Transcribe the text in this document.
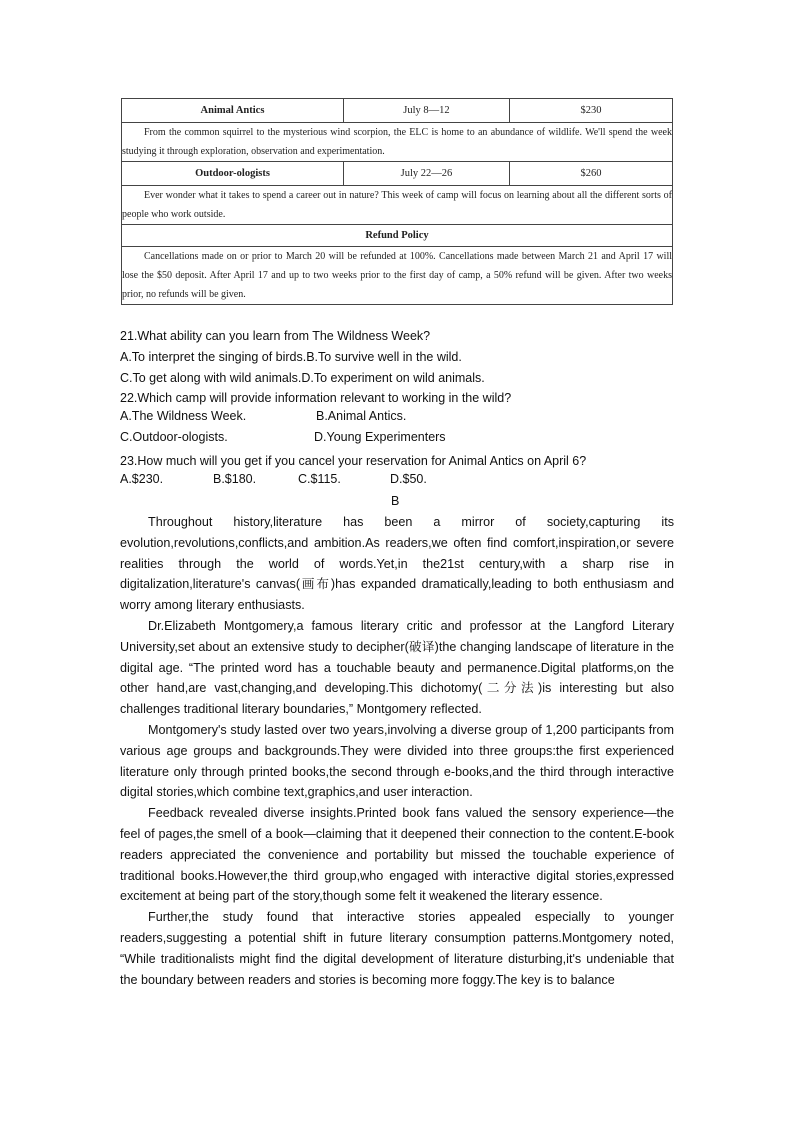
Animal Antics	July 8—12	$230
From the common squirrel to the mysterious wind scorpion, the ELC is home to an abundance of wildlife. We'll spend the week studying it through exploration, observation and experimentation.		
Outdoor-ologists	July 22—26	$260
Ever wonder what it takes to spend a career out in nature? This week of camp will focus on learning about all the different sorts of people who work outside.		
Refund Policy		
Cancellations made on or prior to March 20 will be refunded at 100%. Cancellations made between March 21 and April 17 will lose the $50 deposit. After April 17 and up to two weeks prior to the first day of camp, a 50% refund will be given. After two weeks prior, no refunds will be given.		
21.What ability can you learn from The Wildness Week?
A.To interpret the singing of birds.B.To survive well in the wild.
C.To get along with wild animals.D.To experiment on wild animals.
22.Which camp will provide information relevant to working in the wild?
A.The Wildness Week.	B.Animal Antics.
C.Outdoor-ologists.	D.Young Experimenters
23.How much will you get if you cancel your reservation for Animal Antics on April 6?
A.$230.	B.$180.	C.$115.	D.$50.
B

Throughout history,literature has been a mirror of society,capturing its evolution,revolutions,conflicts,and ambition.As readers,we often find comfort,inspiration,or severe realities through the world of words.Yet,in the21st century,with a sharp rise in digitalization,literature's canvas(画布)has expanded dramatically,leading to both enthusiasm and worry among literary enthusiasts.

Dr.Elizabeth Montgomery,a famous literary critic and professor at the Langford Literary University,set about an extensive study to decipher(破译)the changing landscape of literature in the digital age. “The printed word has a touchable beauty and permanence.Digital platforms,on the other hand,are vast,changing,and developing.This dichotomy(二分法)is interesting but also challenges traditional literary boundaries,” Montgomery reflected.

Montgomery's study lasted over two years,involving a diverse group of 1,200 participants from various age groups and backgrounds.They were divided into three groups:the first experienced literature only through printed books,the second through e-books,and the third through interactive digital stories,which combine text,graphics,and user interaction.

Feedback revealed diverse insights.Printed book fans valued the sensory experience—the feel of pages,the smell of a book—claiming that it deepened their connection to the content.E-book readers appreciated the convenience and portability but missed the touchable experience of traditional books.However,the third group,who engaged with interactive digital stories,expressed excitement at being part of the story,though some felt it weakened the literary essence.

Further,the study found that interactive stories appealed especially to younger readers,suggesting a potential shift in future literary consumption patterns.Montgomery noted, “While traditionalists might find the digital development of literature disturbing,it's undeniable that the boundary between readers and stories is becoming more foggy.The key is to balance
